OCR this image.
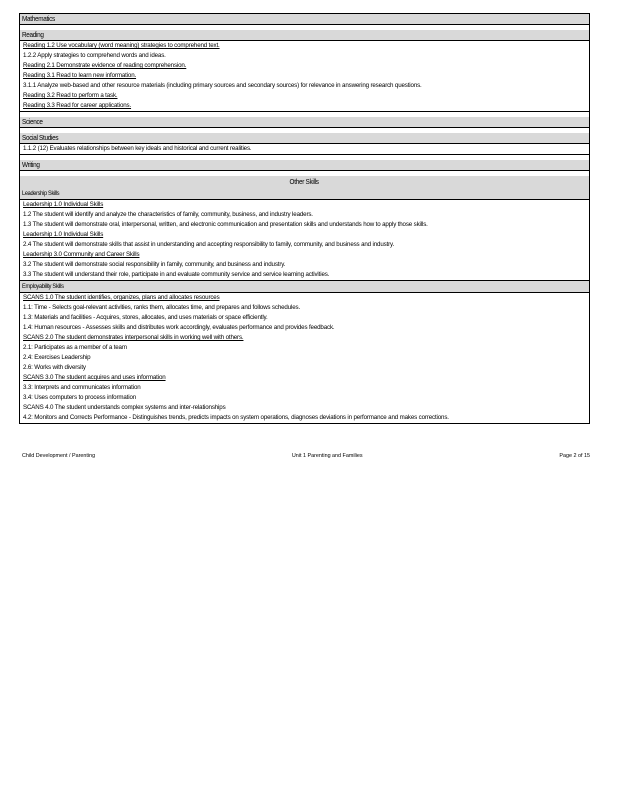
Mathematics
Reading
Reading 1.2 Use vocabulary (word meaning) strategies to comprehend text.
1.2.2 Apply strategies to comprehend words and ideas.
Reading 2.1 Demonstrate evidence of reading comprehension.
Reading 3.1 Read to learn new information.
3.1.1 Analyze web-based and other resource materials (including primary sources and secondary sources) for relevance in answering research questions.
Reading 3.2 Read to perform a task.
Reading 3.3 Read for career applications.
Science
Social Studies
1.1.2 (12) Evaluates relationships between key ideals and historical and current realities.
Writing
Other Skills
Leadership Skills
Leadership 1.0 Individual Skills
1.2 The student will identify and analyze the characteristics of family, community, business, and industry leaders.
1.3 The student will demonstrate oral, interpersonal, written, and electronic communication and presentation skills and understands how to apply those skills.
Leadership 1.0 Individual Skills
2.4 The student will demonstrate skills that assist in understanding and accepting responsibility to family, community, and business and industry.
Leadership 3.0 Community and Career Skills
3.2 The student will demonstrate social responsibility in family, community, and business and industry.
3.3 The student will understand their role, participate in and evaluate community service and service learning activities.
Employability Skills
SCANS 1.0 The student identifies, organizes, plans and allocates resources
1.1: Time - Selects goal-relevant activities, ranks them, allocates time, and prepares and follows schedules.
1.3: Materials and facilities - Acquires, stores, allocates, and uses materials or space efficiently.
1.4: Human resources - Assesses skills and distributes work accordingly, evaluates performance and provides feedback.
SCANS 2.0 The student demonstrates interpersonal skills in working well with others.
2.1: Participates as a member of a team
2.4: Exercises Leadership
2.6: Works with diversity
SCANS 3.0 The student acquires and uses information
3.3: Interprets and communicates information
3.4: Uses computers to process information
SCANS 4.0 The student understands complex systems and inter-relationships
4.2: Monitors and Corrects Performance - Distinguishes trends, predicts impacts on system operations, diagnoses deviations in performance and makes corrections.
Child Development / Parenting	Unit 1 Parenting and Families	Page 2 of 15
